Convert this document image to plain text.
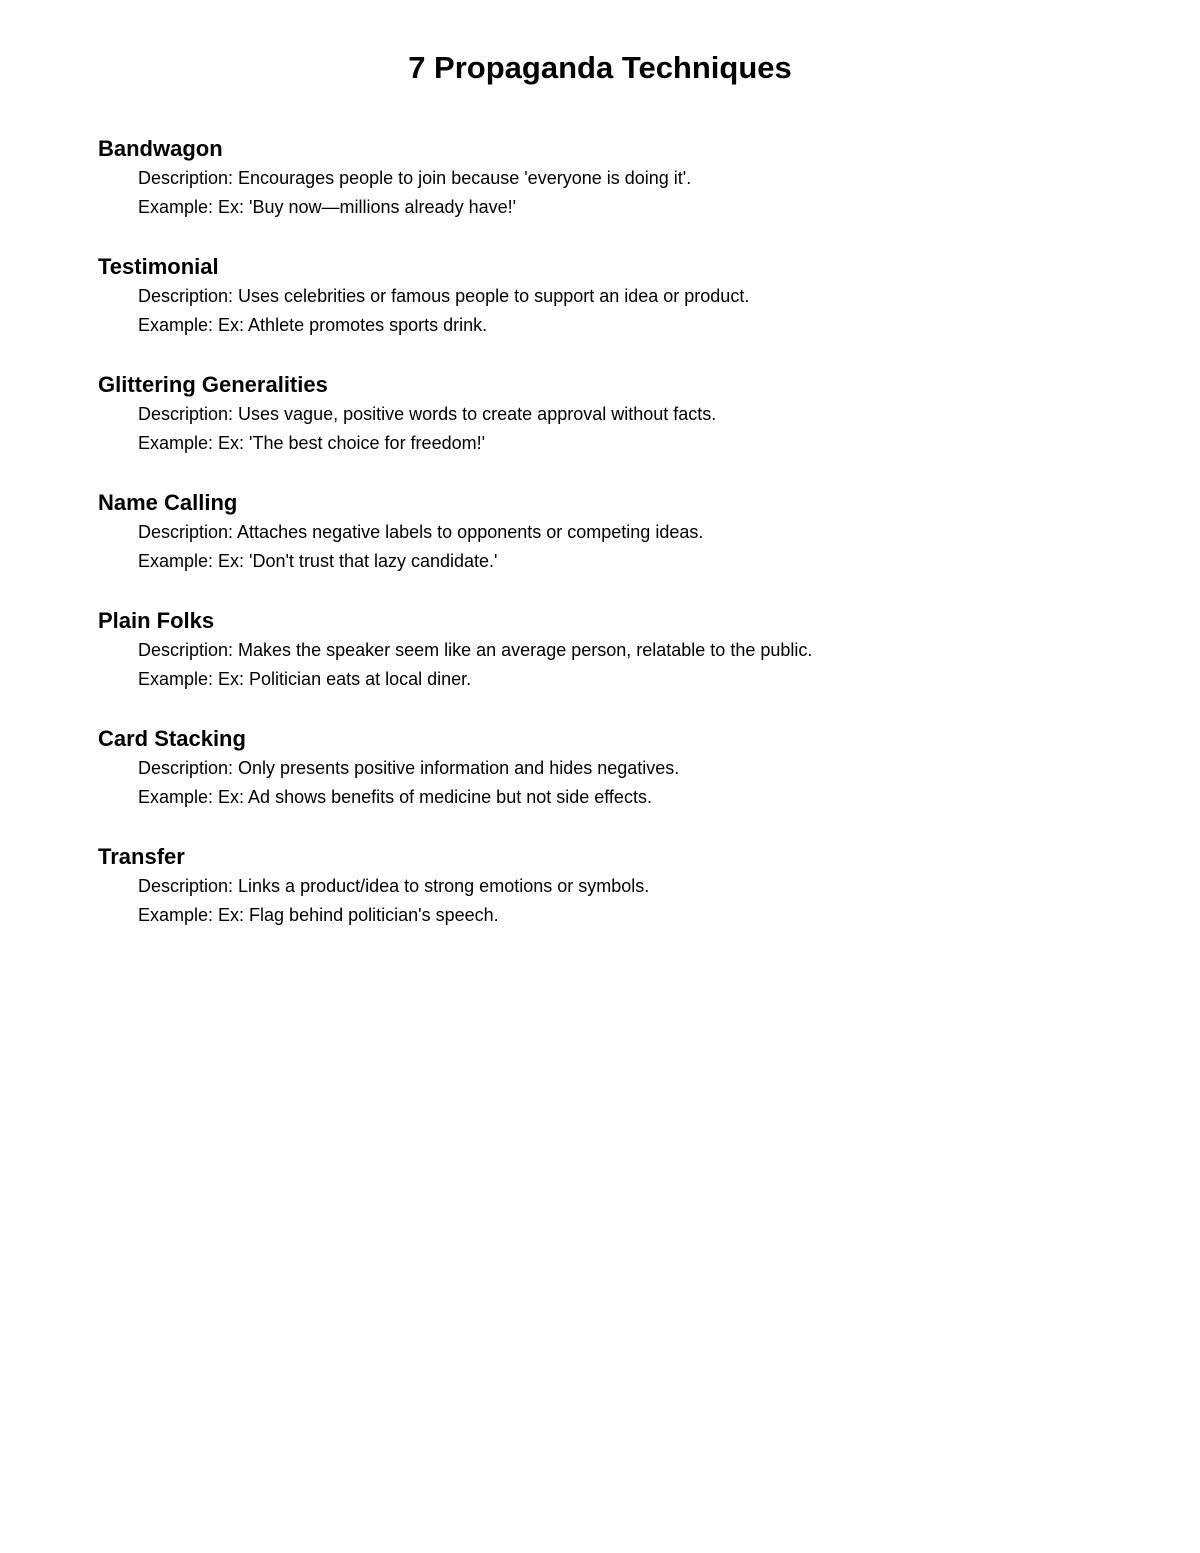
7 Propaganda Techniques

Bandwagon

Description: Encourages people to join because 'everyone is doing it'.

Example: Ex: 'Buy now—millions already have!'

Testimonial

Description: Uses celebrities or famous people to support an idea or product.

Example: Ex: Athlete promotes sports drink.

Glittering Generalities

Description: Uses vague, positive words to create approval without facts.

Example: Ex: 'The best choice for freedom!'

Name Calling

Description: Attaches negative labels to opponents or competing ideas.

Example: Ex: 'Don't trust that lazy candidate.'

Plain Folks

Description: Makes the speaker seem like an average person, relatable to the public.

Example: Ex: Politician eats at local diner.

Card Stacking

Description: Only presents positive information and hides negatives.

Example: Ex: Ad shows benefits of medicine but not side effects.

Transfer

Description: Links a product/idea to strong emotions or symbols.

Example: Ex: Flag behind politician's speech.
